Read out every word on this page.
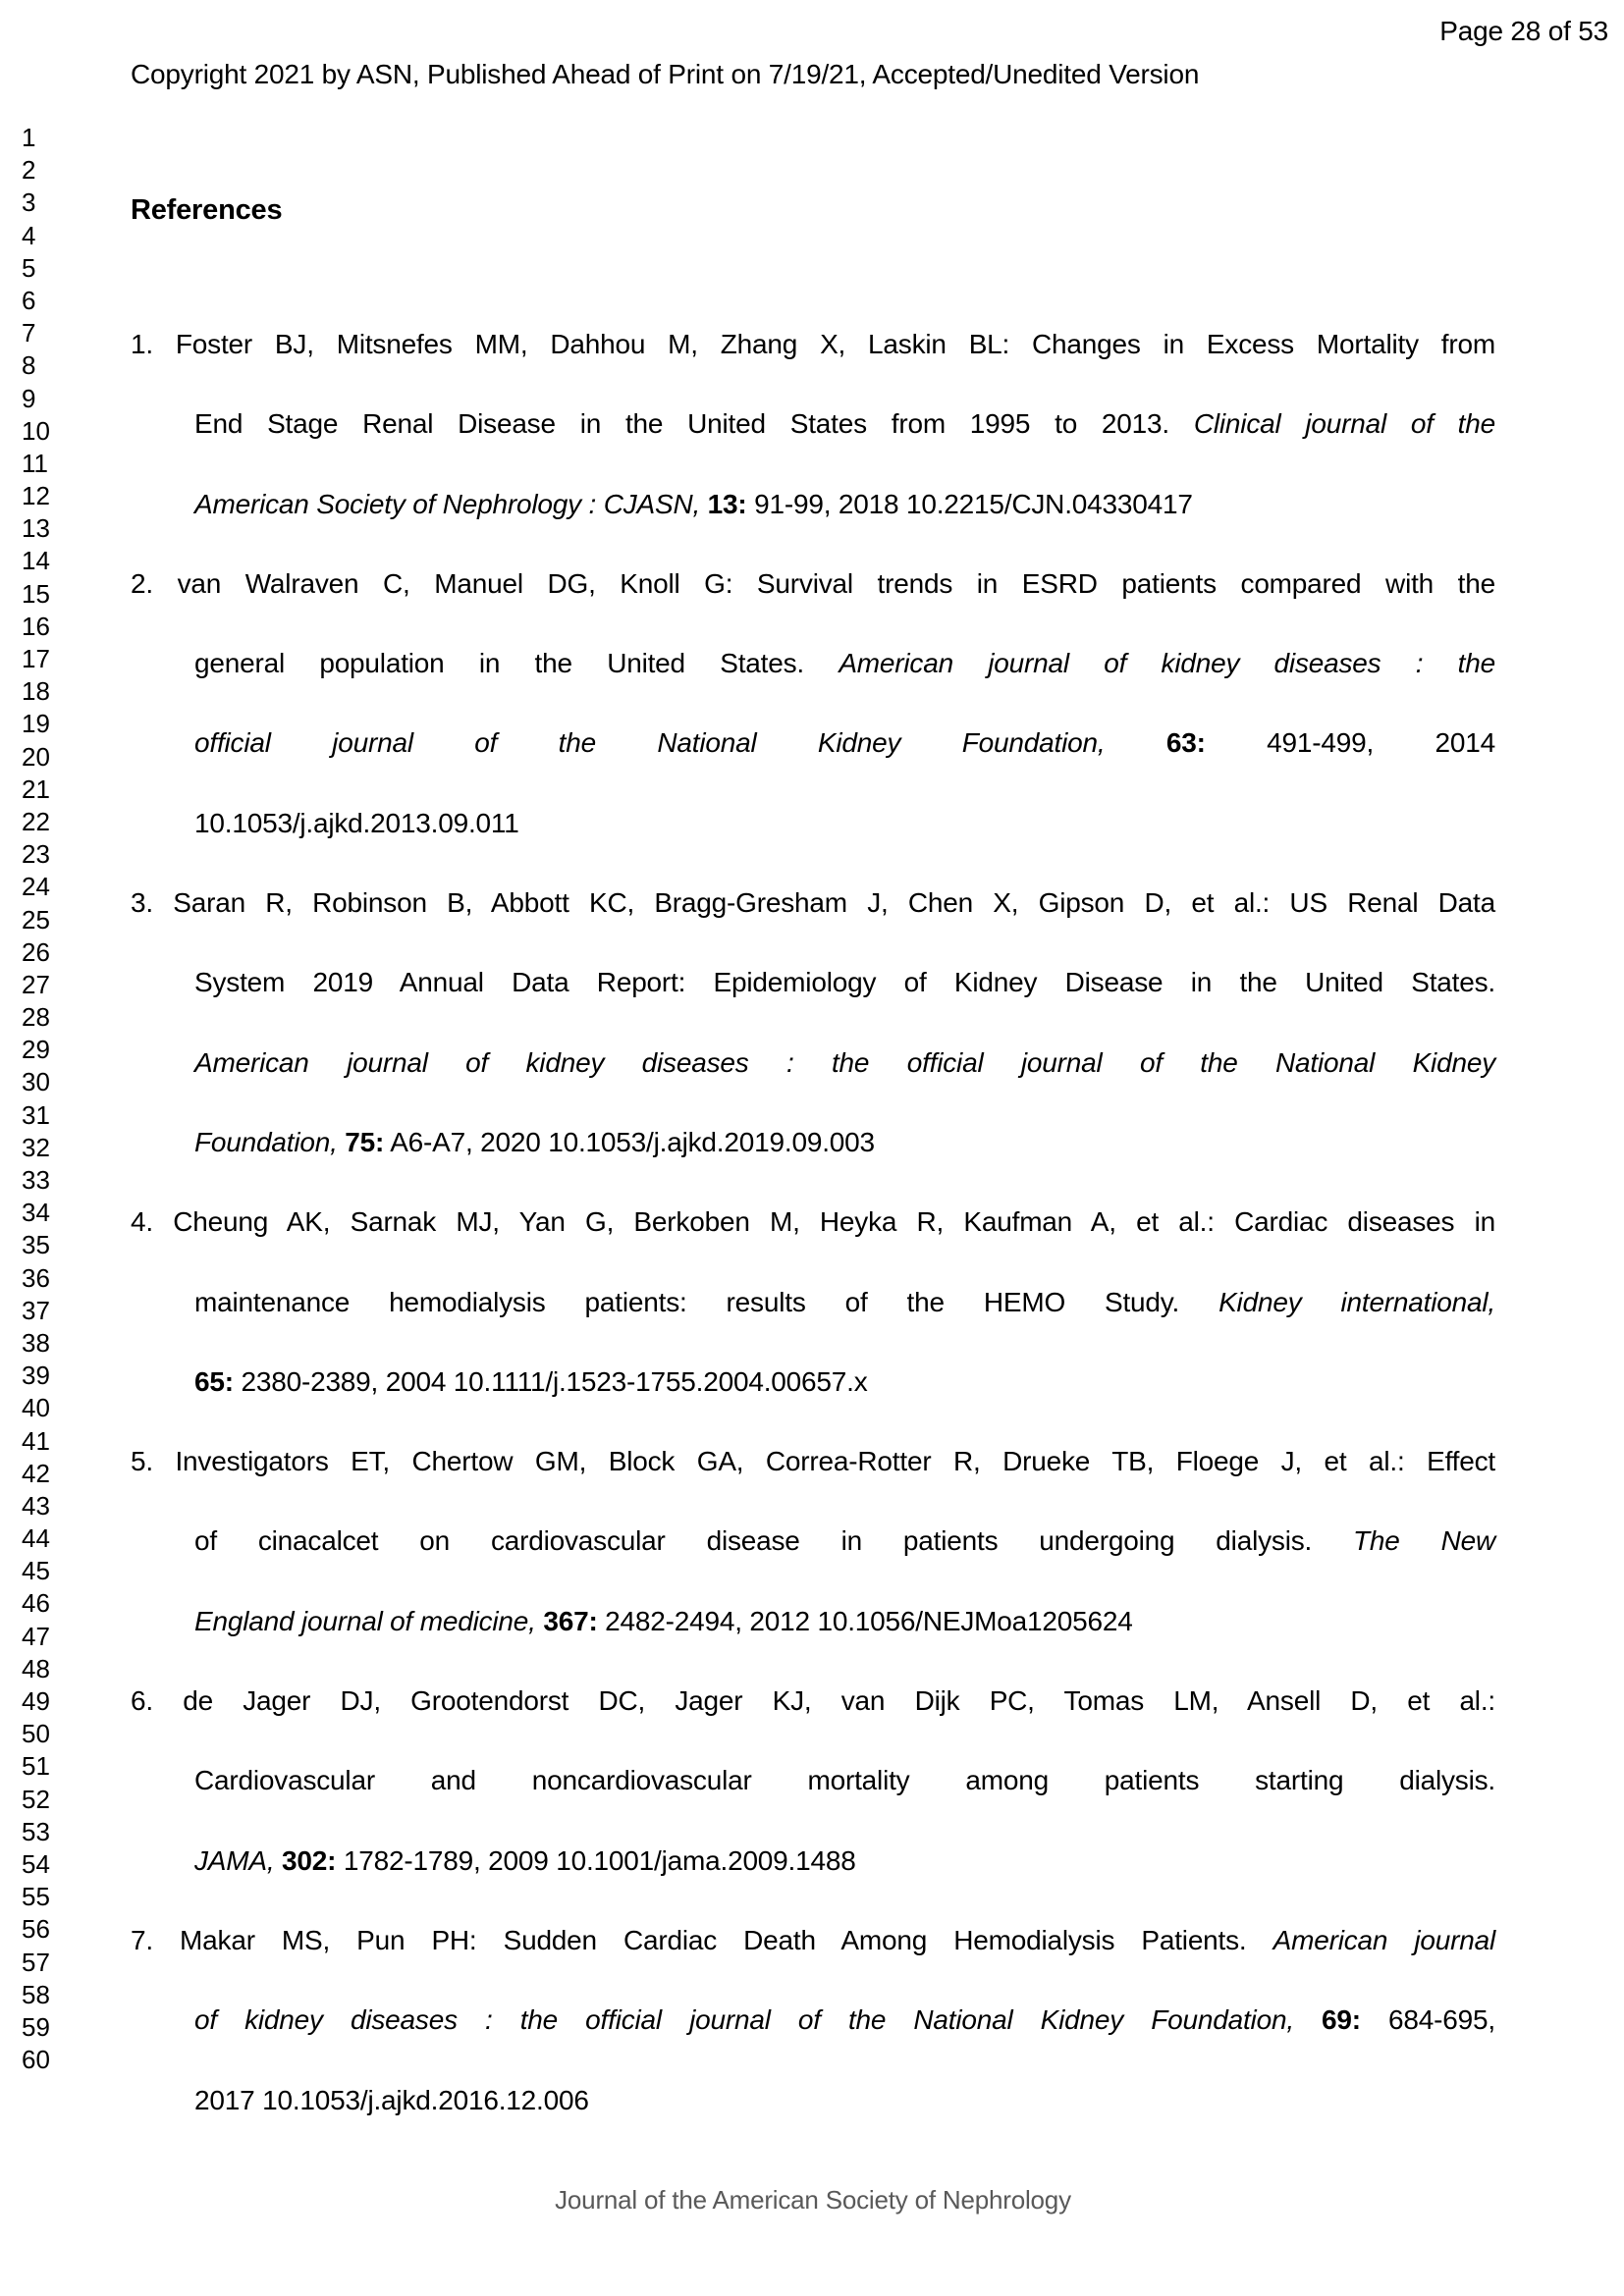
Page 28 of 53
Copyright 2021 by ASN, Published Ahead of Print on 7/19/21, Accepted/Unedited Version
1
2
3
4
5
6
7
8
9
10
11
12
13
14
15
16
17
18
19
20
21
22
23
24
25
26
27
28
29
30
31
32
33
34
35
36
37
38
39
40
41
42
43
44
45
46
47
48
49
50
51
52
53
54
55
56
57
58
59
60
References
1. Foster BJ, Mitsnefes MM, Dahhou M, Zhang X, Laskin BL: Changes in Excess Mortality from
End Stage Renal Disease in the United States from 1995 to 2013. Clinical journal of the
American Society of Nephrology : CJASN, 13: 91-99, 2018 10.2215/CJN.04330417
2. van Walraven C, Manuel DG, Knoll G: Survival trends in ESRD patients compared with the
general population in the United States. American journal of kidney diseases : the
official journal of the National Kidney Foundation, 63: 491-499, 2014
10.1053/j.ajkd.2013.09.011
3. Saran R, Robinson B, Abbott KC, Bragg-Gresham J, Chen X, Gipson D, et al.: US Renal Data
System 2019 Annual Data Report: Epidemiology of Kidney Disease in the United States.
American journal of kidney diseases : the official journal of the National Kidney
Foundation, 75: A6-A7, 2020 10.1053/j.ajkd.2019.09.003
4. Cheung AK, Sarnak MJ, Yan G, Berkoben M, Heyka R, Kaufman A, et al.: Cardiac diseases in
maintenance hemodialysis patients: results of the HEMO Study. Kidney international,
65: 2380-2389, 2004 10.1111/j.1523-1755.2004.00657.x
5. Investigators ET, Chertow GM, Block GA, Correa-Rotter R, Drueke TB, Floege J, et al.: Effect
of cinacalcet on cardiovascular disease in patients undergoing dialysis. The New
England journal of medicine, 367: 2482-2494, 2012 10.1056/NEJMoa1205624
6. de Jager DJ, Grootendorst DC, Jager KJ, van Dijk PC, Tomas LM, Ansell D, et al.:
Cardiovascular and noncardiovascular mortality among patients starting dialysis.
JAMA, 302: 1782-1789, 2009 10.1001/jama.2009.1488
7. Makar MS, Pun PH: Sudden Cardiac Death Among Hemodialysis Patients. American journal
of kidney diseases : the official journal of the National Kidney Foundation, 69: 684-695,
2017 10.1053/j.ajkd.2016.12.006
Journal of the American Society of Nephrology
